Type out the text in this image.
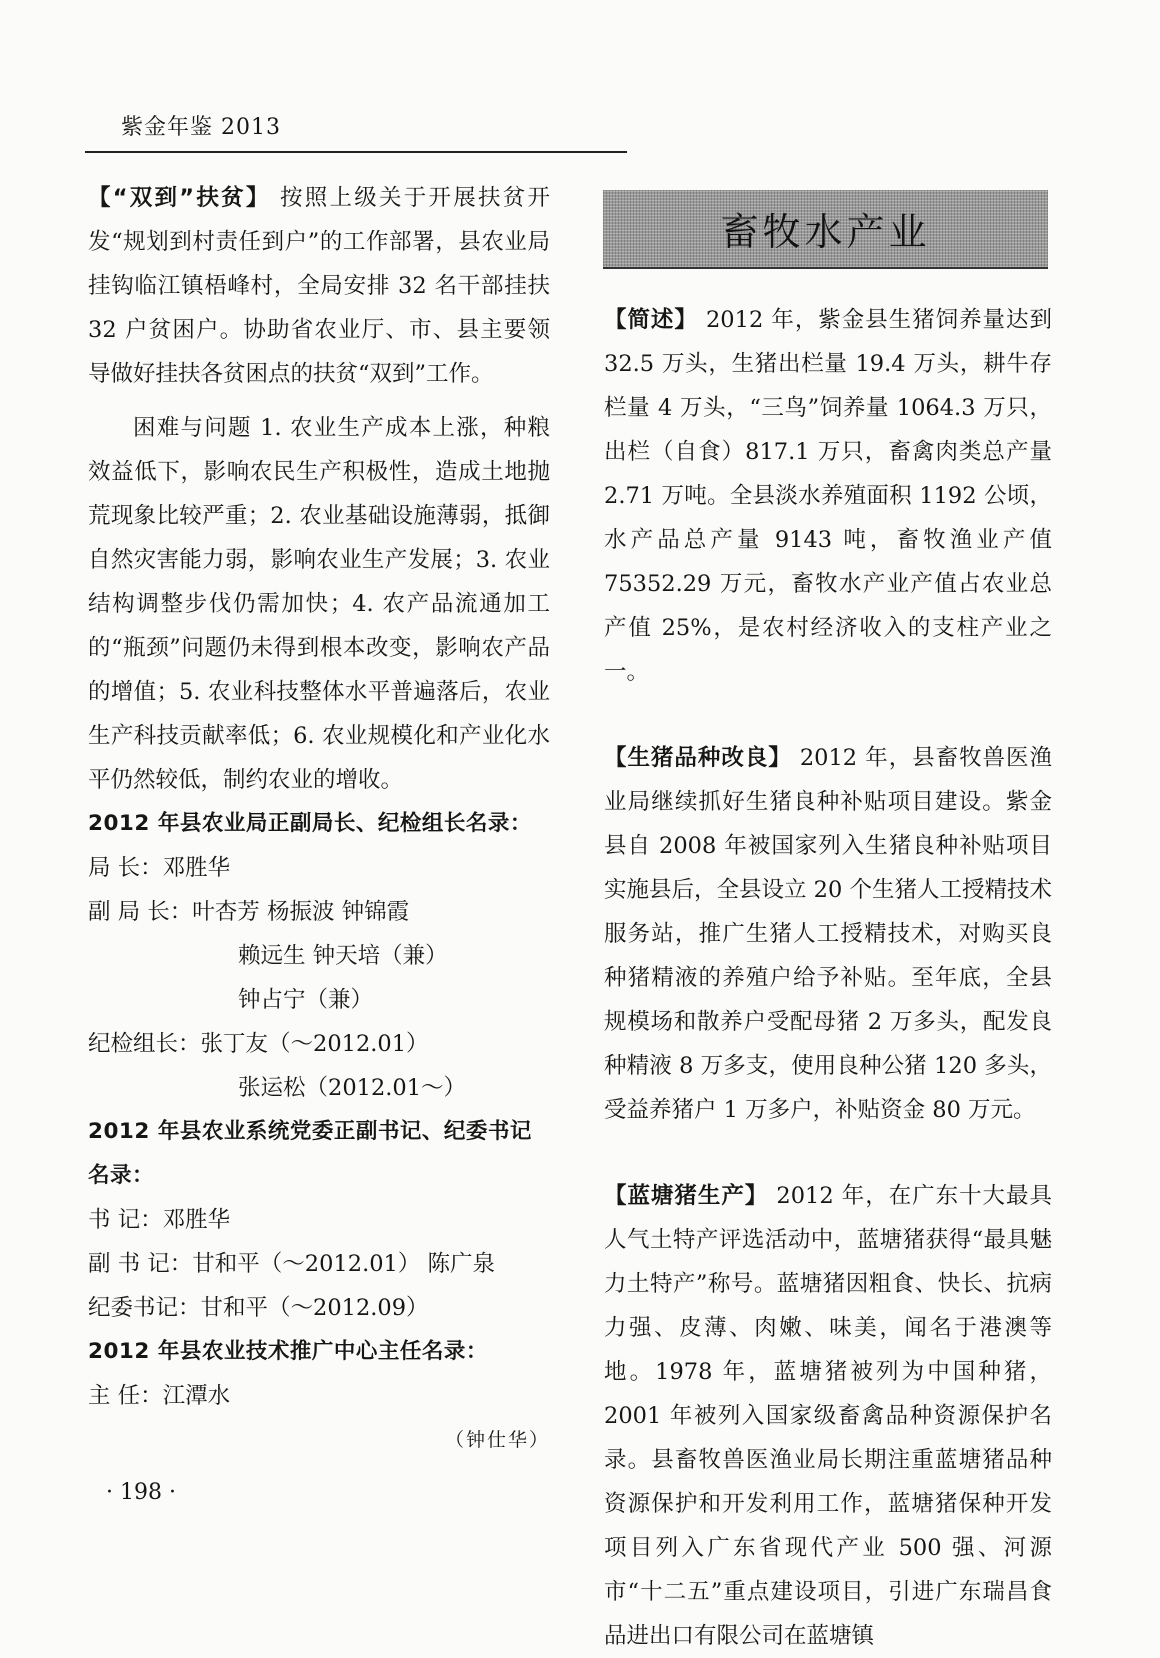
紫金年鉴 2013

【“双到”扶贫】 按照上级关于开展扶贫开发“规划到村责任到户”的工作部署，县农业局挂钩临江镇梧峰村，全局安排 32 名干部挂扶 32 户贫困户。协助省农业厅、市、县主要领导做好挂扶各贫困点的扶贫“双到”工作。

困难与问题 1. 农业生产成本上涨，种粮效益低下，影响农民生产积极性，造成土地抛荒现象比较严重；2. 农业基础设施薄弱，抵御自然灾害能力弱，影响农业生产发展；3. 农业结构调整步伐仍需加快；4. 农产品流通加工的“瓶颈”问题仍未得到根本改变，影响农产品的增值；5. 农业科技整体水平普遍落后，农业生产科技贡献率低；6. 农业规模化和产业化水平仍然较低，制约农业的增收。

2012 年县农业局正副局长、纪检组长名录：

局 长：邓胜华

副 局 长：叶杏芳 杨振波 钟锦霞

赖远生 钟天培（兼）

钟占宁（兼）

纪检组长：张丁友（～2012.01）

张运松（2012.01～）

2012 年县农业系统党委正副书记、纪委书记名录：

书 记：邓胜华

副 书 记：甘和平（～2012.01） 陈广泉

纪委书记：甘和平（～2012.09）

2012 年县农业技术推广中心主任名录：

主 任：江潭水

（钟仕华）

畜牧水产业

【简述】 2012 年，紫金县生猪饲养量达到32.5 万头，生猪出栏量 19.4 万头，耕牛存栏量 4 万头，“三鸟”饲养量 1064.3 万只，出栏（自食）817.1 万只，畜禽肉类总产量 2.71 万吨。全县淡水养殖面积 1192 公顷，水产品总产量 9143 吨，畜牧渔业产值 75352.29 万元，畜牧水产业产值占农业总产值 25%，是农村经济收入的支柱产业之一。

【生猪品种改良】 2012 年，县畜牧兽医渔业局继续抓好生猪良种补贴项目建设。紫金县自 2008 年被国家列入生猪良种补贴项目实施县后，全县设立 20 个生猪人工授精技术服务站，推广生猪人工授精技术，对购买良种猪精液的养殖户给予补贴。至年底，全县规模场和散养户受配母猪 2 万多头，配发良种精液 8 万多支，使用良种公猪 120 多头，受益养猪户 1 万多户，补贴资金 80 万元。

【蓝塘猪生产】 2012 年，在广东十大最具人气土特产评选活动中，蓝塘猪获得“最具魅力土特产”称号。蓝塘猪因粗食、快长、抗病力强、皮薄、肉嫩、味美，闻名于港澳等地。1978 年，蓝塘猪被列为中国种猪，2001 年被列入国家级畜禽品种资源保护名录。县畜牧兽医渔业局长期注重蓝塘猪品种资源保护和开发利用工作，蓝塘猪保种开发项目列入广东省现代产业 500 强、河源市“十二五”重点建设项目，引进广东瑞昌食品进出口有限公司在蓝塘镇

· 198 ·
